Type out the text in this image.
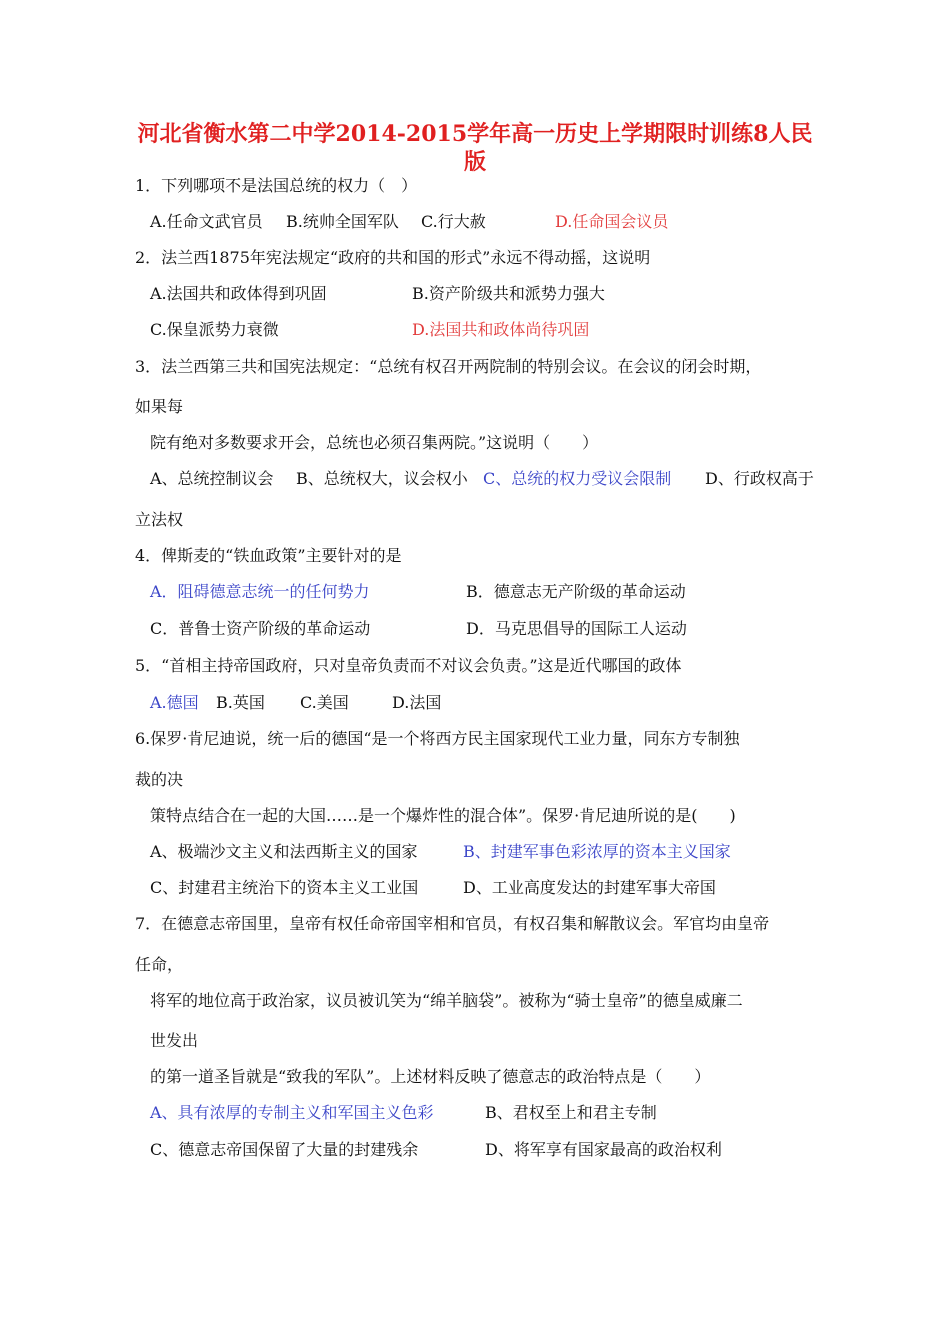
河北省衡水第二中学2014-2015学年高一历史上学期限时训练8人民
版
1．下列哪项不是法国总统的权力（　）
A.任命文武官员 B.统帅全国军队 C.行大赦	D.任命国会议员
2．法兰西1875年宪法规定“政府的共和国的形式”永远不得动摇，这说明
A.法国共和政体得到巩固	B.资产阶级共和派势力强大
C.保皇派势力衰微	D.法国共和政体尚待巩固
3．法兰西第三共和国宪法规定：“总统有权召开两院制的特别会议。在会议的闭会时期，
如果每
院有绝对多数要求开会，总统也必须召集两院。”这说明（　　）
A、总统控制议会 B、总统权大，议会权小 C、总统的权力受议会限制 D、行政权高于
立法权
4．俾斯麦的“铁血政策”主要针对的是
A．阻碍德意志统一的任何势力	B．德意志无产阶级的革命运动
C．普鲁士资产阶级的革命运动	D．马克思倡导的国际工人运动
5．“首相主持帝国政府，只对皇帝负责而不对议会负责。”这是近代哪国的政体
A.德国 B.英国 C.美国	D.法国
6.保罗·肯尼迪说，统一后的德国“是一个将西方民主国家现代工业力量，同东方专制独
裁的决
策特点结合在一起的大国……是一个爆炸性的混合体”。保罗·肯尼迪所说的是(　　)
A、极端沙文主义和法西斯主义的国家	B、封建军事色彩浓厚的资本主义国家
C、封建君主统治下的资本主义工业国	D、工业高度发达的封建军事大帝国
7．在德意志帝国里，皇帝有权任命帝国宰相和官员，有权召集和解散议会。军官均由皇帝
任命，
将军的地位高于政治家，议员被讥笑为“绵羊脑袋”。被称为“骑士皇帝”的德皇威廉二
世发出
的第一道圣旨就是“致我的军队”。上述材料反映了德意志的政治特点是（　　）
A、具有浓厚的专制主义和军国主义色彩	B、君权至上和君主专制
C、德意志帝国保留了大量的封建残余	D、将军享有国家最高的政治权利
